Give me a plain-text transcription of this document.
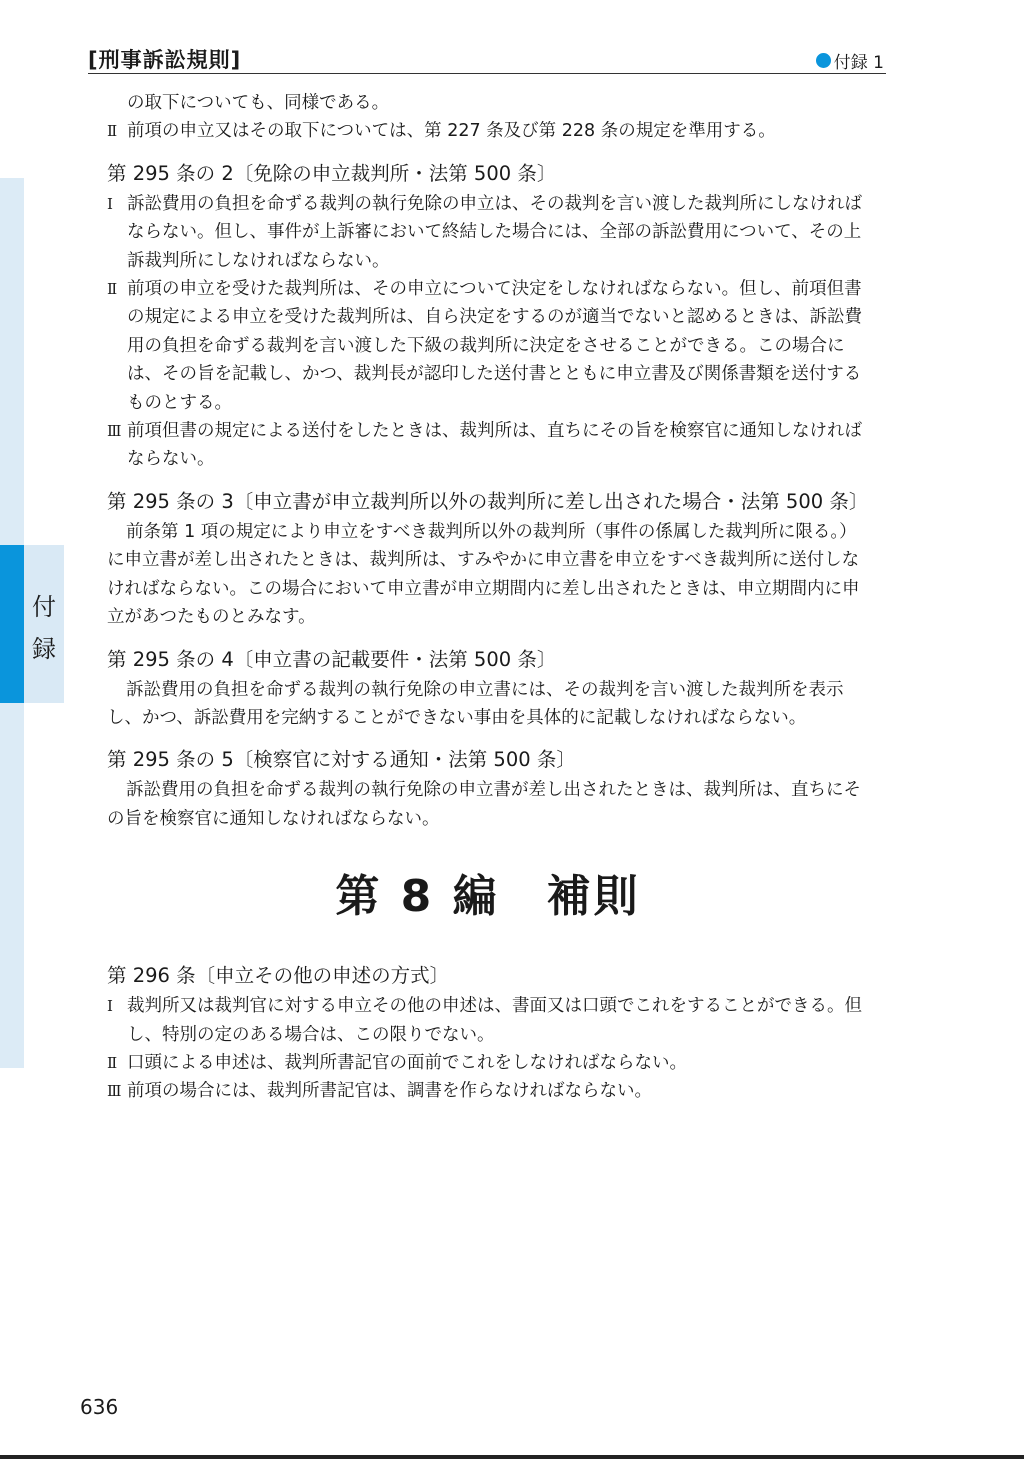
付
録
[刑事訴訟規則]	付録 1
の取下についても、同様である。
Ⅱ 前項の申立又はその取下については、第 227 条及び第 228 条の規定を準用する。
第 295 条の 2〔免除の申立裁判所・法第 500 条〕
Ⅰ 訴訟費用の負担を命ずる裁判の執行免除の申立は、その裁判を言い渡した裁判所にしなければならない。但し、事件が上訴審において終結した場合には、全部の訴訟費用について、その上訴裁判所にしなければならない。
Ⅱ 前項の申立を受けた裁判所は、その申立について決定をしなければならない。但し、前項但書の規定による申立を受けた裁判所は、自ら決定をするのが適当でないと認めるときは、訴訟費用の負担を命ずる裁判を言い渡した下級の裁判所に決定をさせることができる。この場合には、その旨を記載し、かつ、裁判長が認印した送付書とともに申立書及び関係書類を送付するものとする。
Ⅲ 前項但書の規定による送付をしたときは、裁判所は、直ちにその旨を検察官に通知しなければならない。
第 295 条の 3〔申立書が申立裁判所以外の裁判所に差し出された場合・法第 500 条〕
前条第 1 項の規定により申立をすべき裁判所以外の裁判所（事件の係属した裁判所に限る。）に申立書が差し出されたときは、裁判所は、すみやかに申立書を申立をすべき裁判所に送付しなければならない。この場合において申立書が申立期間内に差し出されたときは、申立期間内に申立があつたものとみなす。
第 295 条の 4〔申立書の記載要件・法第 500 条〕
訴訟費用の負担を命ずる裁判の執行免除の申立書には、その裁判を言い渡した裁判所を表示し、かつ、訴訟費用を完納することができない事由を具体的に記載しなければならない。
第 295 条の 5〔検察官に対する通知・法第 500 条〕
訴訟費用の負担を命ずる裁判の執行免除の申立書が差し出されたときは、裁判所は、直ちにその旨を検察官に通知しなければならない。
第 8 編　補則
第 296 条〔申立その他の申述の方式〕
Ⅰ 裁判所又は裁判官に対する申立その他の申述は、書面又は口頭でこれをすることができる。但し、特別の定のある場合は、この限りでない。
Ⅱ 口頭による申述は、裁判所書記官の面前でこれをしなければならない。
Ⅲ 前項の場合には、裁判所書記官は、調書を作らなければならない。
636
